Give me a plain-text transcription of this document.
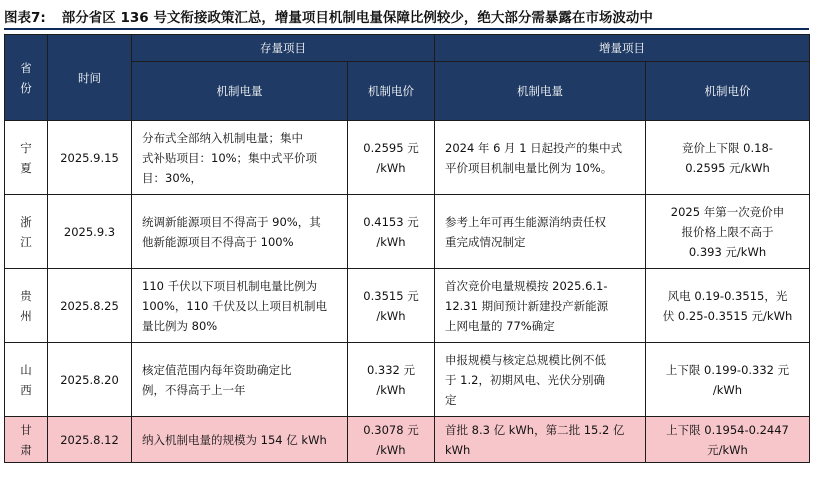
图表7: 部分省区 136 号文衔接政策汇总，增量项目机制电量保障比例较少，绝大部分需暴露在市场波动中
省
份	时间	存量项目		增量项目	
		机制电量	机制电价	机制电量	机制电价

宁
夏	2025.9.15	分布式全部纳入机制电量；集中
式补贴项目：10%；集中式平价项
目：30%，	0.2595 元
/kWh	2024 年 6 月 1 日起投产的集中式
平价项目机制电量比例为 10%。	竞价上下限 0.18-
0.2595 元/kWh

浙
江	2025.9.3	统调新能源项目不得高于 90%，其
他新能源项目不得高于 100%	0.4153 元
/kWh	参考上年可再生能源消纳责任权
重完成情况制定	2025 年第一次竞价申
报价格上限不高于
0.393 元/kWh

贵
州	2025.8.25	110 千伏以下项目机制电量比例为
100%，110 千伏及以上项目机制电
量比例为 80%	0.3515 元
/kWh	首次竞价电量规模按 2025.6.1-
12.31 期间预计新建投产新能源
上网电量的 77%确定	风电 0.19-0.3515，光
伏 0.25-0.3515 元/kWh

山
西	2025.8.20	核定值范围内每年资助确定比
例，不得高于上一年	0.332 元
/kWh	申报规模与核定总规模比例不低
于 1.2，初期风电、光伏分别确
定	上下限 0.199-0.332 元
/kWh

甘
肃	2025.8.12	纳入机制电量的规模为 154 亿 kWh	0.3078 元
/kWh	首批 8.3 亿 kWh，第二批 15.2 亿
kWh	上下限 0.1954-0.2447
元/kWh
